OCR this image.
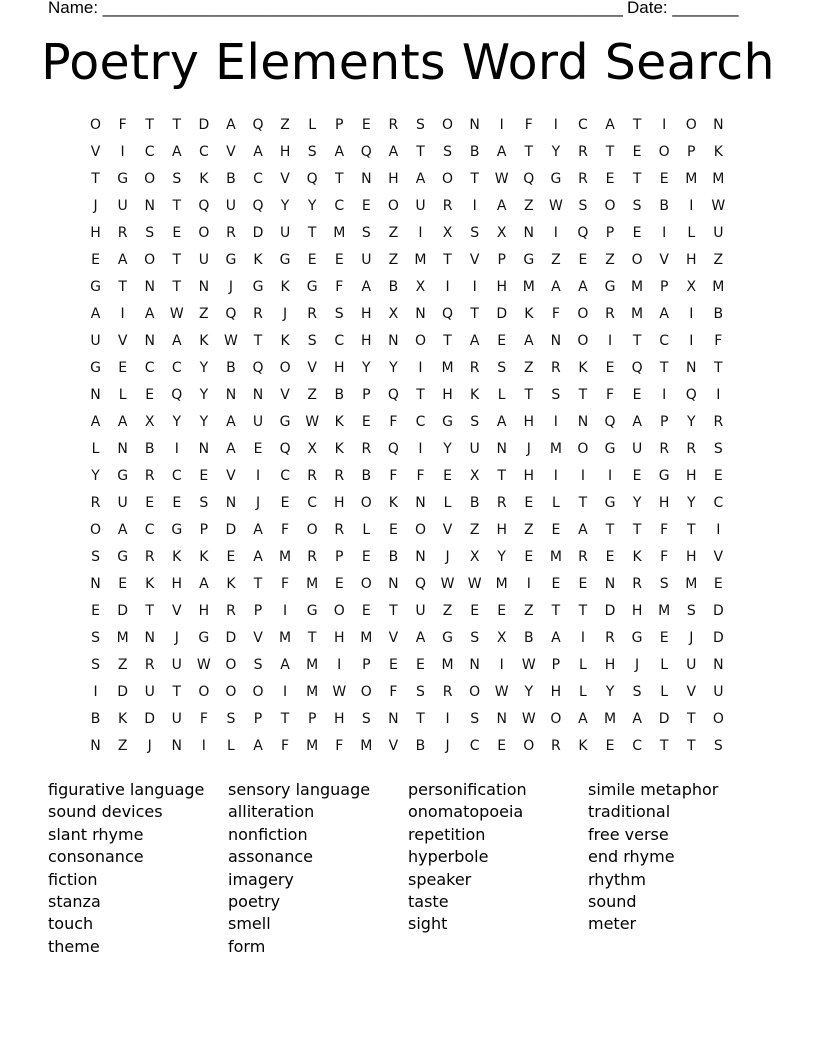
Name: _______________________________________________________

Date: _______

Poetry Elements Word Search
O	F	T	T	D	A	Q	Z	L	P	E	R	S	O	N	I	F	I	C	A	T	I	O	N
V	I	C	A	C	V	A	H	S	A	Q	A	T	S	B	A	T	Y	R	T	E	O	P	K
T	G	O	S	K	B	C	V	Q	T	N	H	A	O	T	W	Q	G	R	E	T	E	M	M
J	U	N	T	Q	U	Q	Y	Y	C	E	O	U	R	I	A	Z	W	S	O	S	B	I	W
H	R	S	E	O	R	D	U	T	M	S	Z	I	X	S	X	N	I	Q	P	E	I	L	U
E	A	O	T	U	G	K	G	E	E	U	Z	M	T	V	P	G	Z	E	Z	O	V	H	Z
G	T	N	T	N	J	G	K	G	F	A	B	X	I	I	H	M	A	A	G	M	P	X	M
A	I	A	W	Z	Q	R	J	R	S	H	X	N	Q	T	D	K	F	O	R	M	A	I	B
U	V	N	A	K	W	T	K	S	C	H	N	O	T	A	E	A	N	O	I	T	C	I	F
G	E	C	C	Y	B	Q	O	V	H	Y	Y	I	M	R	S	Z	R	K	E	Q	T	N	T
N	L	E	Q	Y	N	N	V	Z	B	P	Q	T	H	K	L	T	S	T	F	E	I	Q	I
A	A	X	Y	Y	A	U	G	W	K	E	F	C	G	S	A	H	I	N	Q	A	P	Y	R
L	N	B	I	N	A	E	Q	X	K	R	Q	I	Y	U	N	J	M	O	G	U	R	R	S
Y	G	R	C	E	V	I	C	R	R	B	F	F	E	X	T	H	I	I	I	E	G	H	E
R	U	E	E	S	N	J	E	C	H	O	K	N	L	B	R	E	L	T	G	Y	H	Y	C
O	A	C	G	P	D	A	F	O	R	L	E	O	V	Z	H	Z	E	A	T	T	F	T	I
S	G	R	K	K	E	A	M	R	P	E	B	N	J	X	Y	E	M	R	E	K	F	H	V
N	E	K	H	A	K	T	F	M	E	O	N	Q	W W	M	I	E	E	N	R	S	M	E
E	D	T	V	H	R	P	I	G	O	E	T	U	Z	E	E	Z	T	T	D	H	M	S	D
S	M	N	J	G	D	V	M	T	H	M	V	A	G	S	X	B	A	I	R	G	E	J	D
S	Z	R	U	W	O	S	A	M	I	P	E	E	M	N	I	W	P	L	H	J	L	U	N
I	D	U	T	O	O	O	I	M	W	O	F	S	R	O	W	Y	H	L	Y	S	L	V	U
B	K	D	U	F	S	P	T	P	H	S	N	T	I	S	N	W	O	A	M	A	D	T	O
N	Z	J	N	I	L	A	F	M	F	M	V	B	J	C	E	O	R	K	E	C	T	T	S
figurative language	sensory language	personification	simile metaphor
sound devices	alliteration	onomatopoeia	traditional
slant rhyme	nonfiction	repetition	free verse
consonance	assonance	hyperbole	end rhyme
fiction	imagery	speaker	rhythm
stanza	poetry	taste	sound
touch	smell	sight	meter
theme	form
